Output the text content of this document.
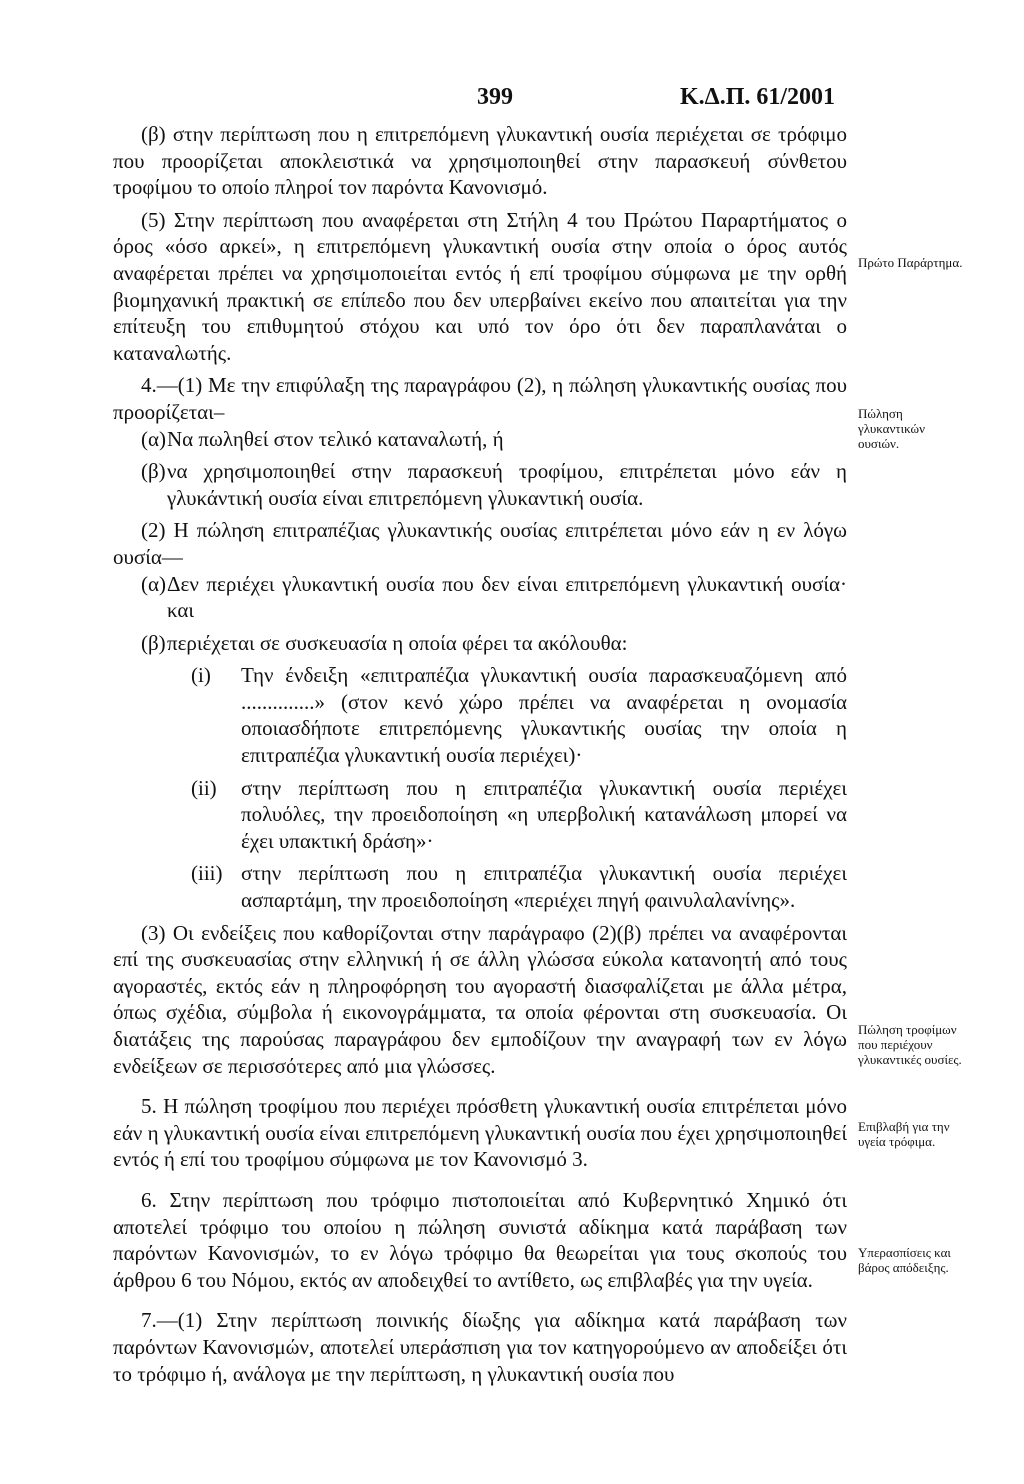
399	Κ.Δ.Π. 61/2001

(β) στην περίπτωση που η επιτρεπόμενη γλυκαντική ουσία περιέχεται σε τρόφιμο που προορίζεται αποκλειστικά να χρησιμοποιηθεί στην παρασκευή σύνθετου τροφίμου το οποίο πληροί τον παρόντα Κανονισμό.

(5) Στην περίπτωση που αναφέρεται στη Στήλη 4 του Πρώτου Παραρτήματος ο όρος «όσο αρκεί», η επιτρεπόμενη γλυκαντική ουσία στην οποία ο όρος αυτός αναφέρεται πρέπει να χρησιμοποιείται εντός ή επί τροφίμου σύμφωνα με την ορθή βιομηχανική πρακτική σε επίπεδο που δεν υπερβαίνει εκείνο που απαιτείται για την επίτευξη του επιθυμητού στόχου και υπό τον όρο ότι δεν παραπλανάται ο καταναλωτής.

4.—(1) Με την επιφύλαξη της παραγράφου (2), η πώληση γλυκαντικής ουσίας που προορίζεται–

(α) Να πωληθεί στον τελικό καταναλωτή, ή
(β) να χρησιμοποιηθεί στην παρασκευή τροφίμου, επιτρέπεται μόνο εάν η γλυκάντική ουσία είναι επιτρεπόμενη γλυκαντική ουσία.

(2) Η πώληση επιτραπέζιας γλυκαντικής ουσίας επιτρέπεται μόνο εάν η εν λόγω ουσία—

(α) Δεν περιέχει γλυκαντική ουσία που δεν είναι επιτρεπόμενη γλυκαντική ουσία· και
(β) περιέχεται σε συσκευασία η οποία φέρει τα ακόλουθα:
(i) Την ένδειξη «επιτραπέζια γλυκαντική ουσία παρασκευαζόμενη από ..............» (στον κενό χώρο πρέπει να αναφέρεται η ονομασία οποιασδήποτε επιτρεπόμενης γλυκαντικής ουσίας την οποία η επιτραπέζια γλυκαντική ουσία περιέχει)·
(ii) στην περίπτωση που η επιτραπέζια γλυκαντική ουσία περιέχει πολυόλες, την προειδοποίηση «η υπερβολική κατανάλωση μπορεί να έχει υπακτική δράση»·
(iii) στην περίπτωση που η επιτραπέζια γλυκαντική ουσία περιέχει ασπαρτάμη, την προειδοποίηση «περιέχει πηγή φαινυλαλανίνης».

(3) Οι ενδείξεις που καθορίζονται στην παράγραφο (2)(β) πρέπει να αναφέρονται επί της συσκευασίας στην ελληνική ή σε άλλη γλώσσα εύκολα κατανοητή από τους αγοραστές, εκτός εάν η πληροφόρηση του αγοραστή διασφαλίζεται με άλλα μέτρα, όπως σχέδια, σύμβολα ή εικονογράμματα, τα οποία φέρονται στη συσκευασία. Οι διατάξεις της παρούσας παραγράφου δεν εμποδίζουν την αναγραφή των εν λόγω ενδείξεων σε περισσότερες από μια γλώσσες.

5. Η πώληση τροφίμου που περιέχει πρόσθετη γλυκαντική ουσία επιτρέπεται μόνο εάν η γλυκαντική ουσία είναι επιτρεπόμενη γλυκαντική ουσία που έχει χρησιμοποιηθεί εντός ή επί του τροφίμου σύμφωνα με τον Κανονισμό 3.

6. Στην περίπτωση που τρόφιμο πιστοποιείται από Κυβερνητικό Χημικό ότι αποτελεί τρόφιμο του οποίου η πώληση συνιστά αδίκημα κατά παράβαση των παρόντων Κανονισμών, το εν λόγω τρόφιμο θα θεωρείται για τους σκοπούς του άρθρου 6 του Νόμου, εκτός αν αποδειχθεί το αντίθετο, ως επιβλαβές για την υγεία.

7.—(1) Στην περίπτωση ποινικής δίωξης για αδίκημα κατά παράβαση των παρόντων Κανονισμών, αποτελεί υπεράσπιση για τον κατηγορούμενο αν αποδείξει ότι το τρόφιμο ή, ανάλογα με την περίπτωση, η γλυκαντική ουσία που

Πρώτο Παράρτημα.
Πώληση γλυκαντικών ουσιών.
Πώληση τροφίμων που περιέχουν γλυκαντικές ουσίες.
Επιβλαβή για την υγεία τρόφιμα.
Υπερασπίσεις και βάρος απόδειξης.
